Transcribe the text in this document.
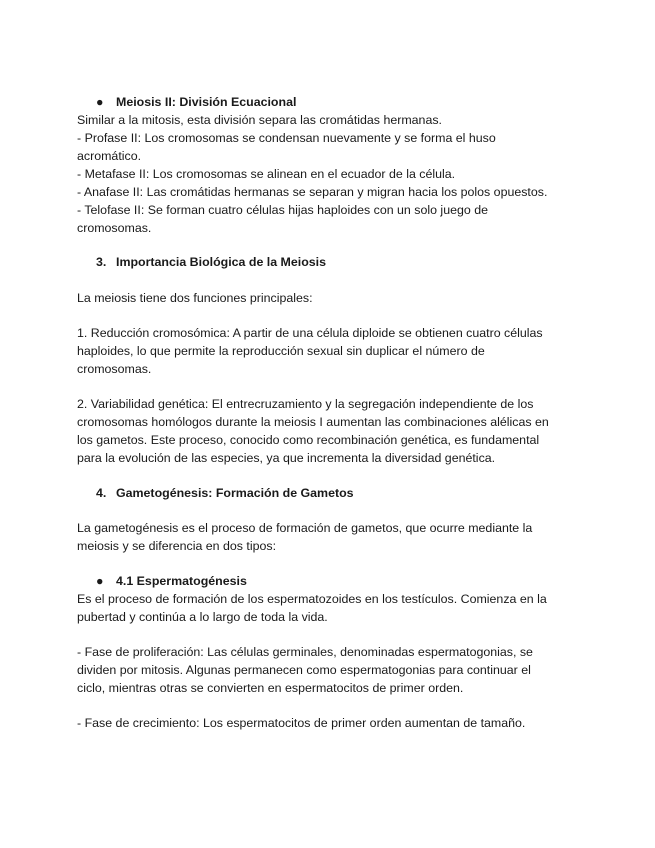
● Meiosis II: División Ecuacional
Similar a la mitosis, esta división separa las cromátidas hermanas.
- Profase II: Los cromosomas se condensan nuevamente y se forma el huso
acromático.
- Metafase II: Los cromosomas se alinean en el ecuador de la célula.
- Anafase II: Las cromátidas hermanas se separan y migran hacia los polos opuestos.
- Telofase II: Se forman cuatro células hijas haploides con un solo juego de
cromosomas.
3. Importancia Biológica de la Meiosis
La meiosis tiene dos funciones principales:
1. Reducción cromosómica: A partir de una célula diploide se obtienen cuatro células
haploides, lo que permite la reproducción sexual sin duplicar el número de
cromosomas.
2. Variabilidad genética: El entrecruzamiento y la segregación independiente de los
cromosomas homólogos durante la meiosis I aumentan las combinaciones alélicas en
los gametos. Este proceso, conocido como recombinación genética, es fundamental
para la evolución de las especies, ya que incrementa la diversidad genética.
4. Gametogénesis: Formación de Gametos
La gametogénesis es el proceso de formación de gametos, que ocurre mediante la
meiosis y se diferencia en dos tipos:
● 4.1 Espermatogénesis
Es el proceso de formación de los espermatozoides en los testículos. Comienza en la
pubertad y continúa a lo largo de toda la vida.
- Fase de proliferación: Las células germinales, denominadas espermatogonias, se
dividen por mitosis. Algunas permanecen como espermatogonias para continuar el
ciclo, mientras otras se convierten en espermatocitos de primer orden.
- Fase de crecimiento: Los espermatocitos de primer orden aumentan de tamaño.
